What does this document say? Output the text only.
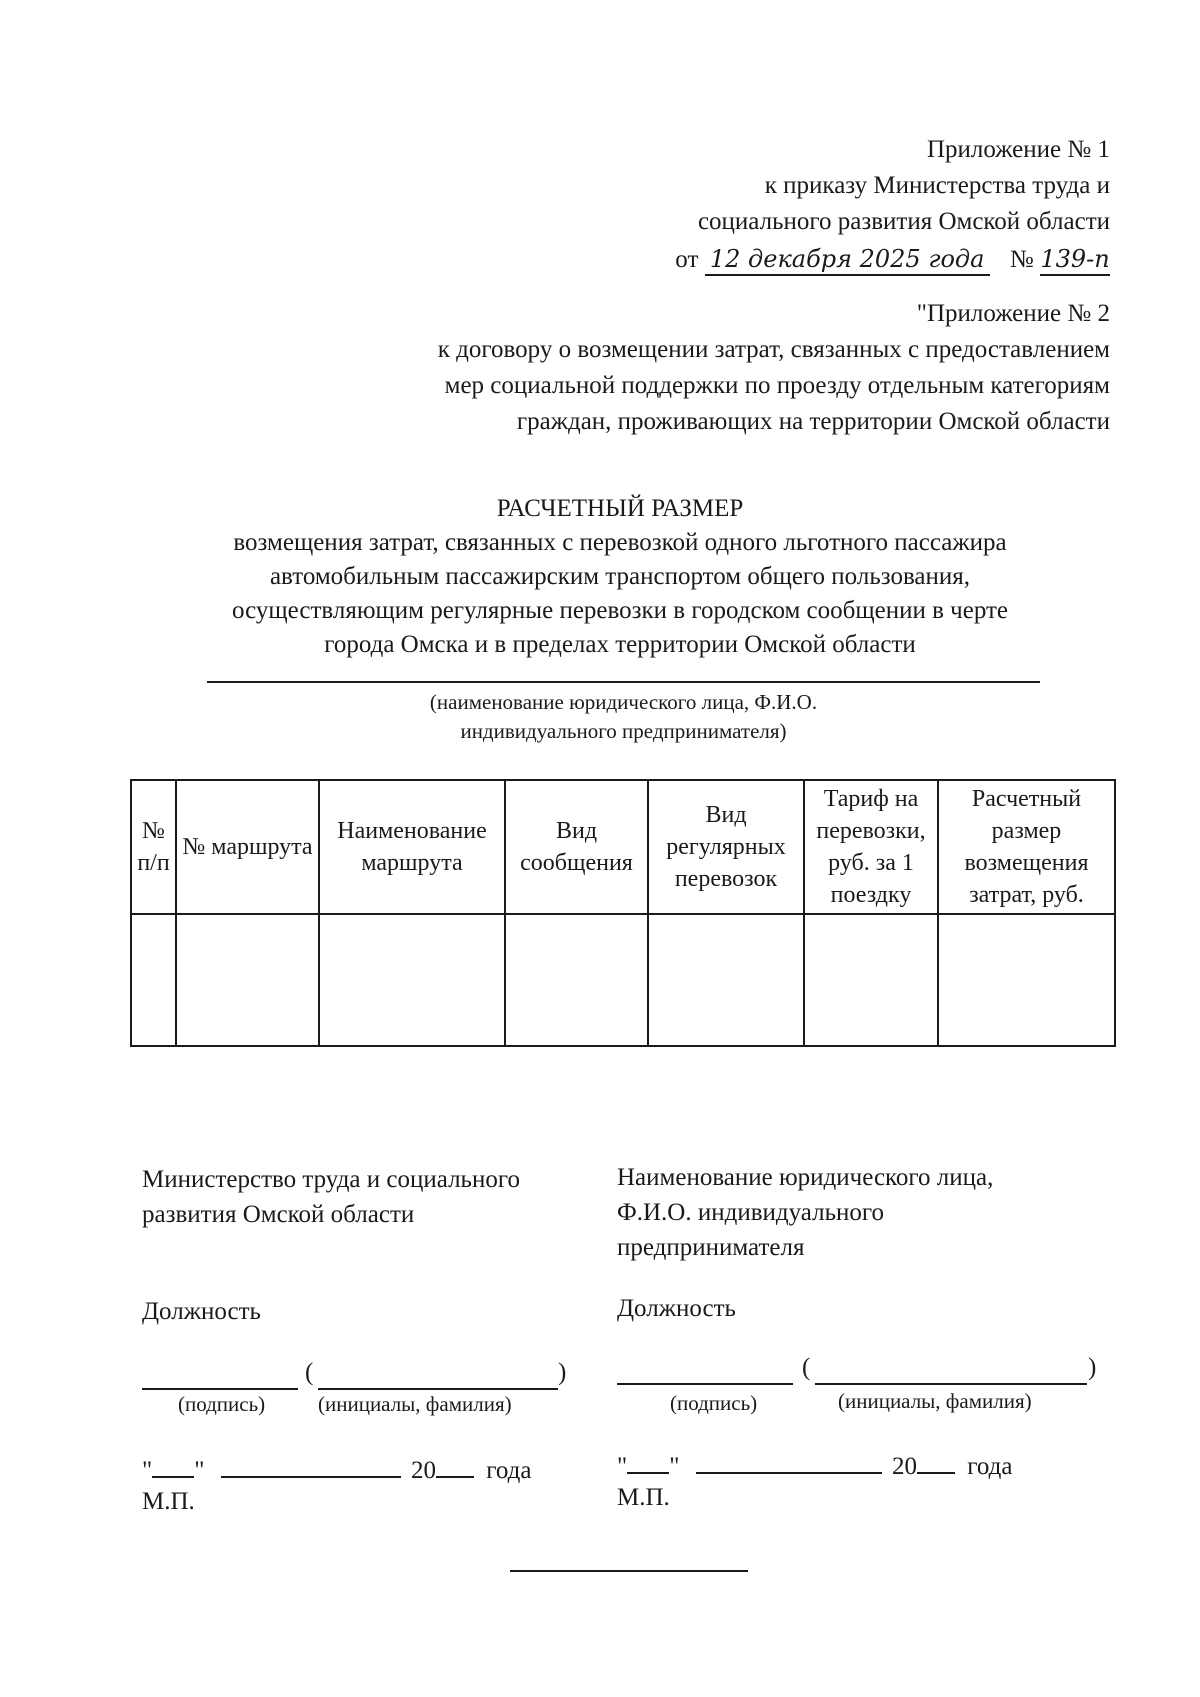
Приложение № 1
к приказу Министерства труда и
социального развития Омской области
от 12 декабря 2025 года № 139-п
"Приложение № 2
к договору о возмещении затрат, связанных с предоставлением
мер социальной поддержки по проезду отдельным категориям
граждан, проживающих на территории Омской области
РАСЧЕТНЫЙ РАЗМЕР
возмещения затрат, связанных с перевозкой одного льготного пассажира
автомобильным пассажирским транспортом общего пользования,
осуществляющим регулярные перевозки в городском сообщении в черте
города Омска и в пределах территории Омской области
(наименование юридического лица, Ф.И.О.
индивидуального предпринимателя)
№ п/п	№ маршрута	Наименование маршрута	Вид сообщения	Вид регулярных перевозок	Тариф на перевозки, руб. за 1 поездку	Расчетный размер возмещения затрат, руб.

Министерство труда и социального
развития Омской области
Должность
(	)
(подпись)	(инициалы, фамилия)
" "	20 года
М.П.
Наименование юридического лица,
Ф.И.О. индивидуального
предпринимателя
Должность
(	)
(подпись)	(инициалы, фамилия)
" "	20 года
М.П.
